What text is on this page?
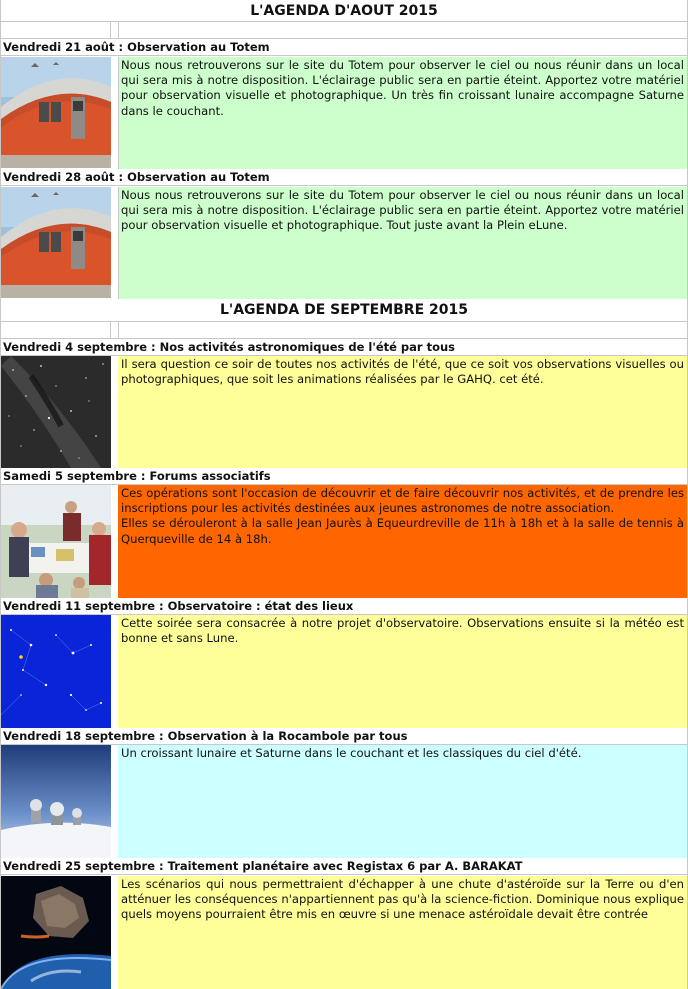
L'AGENDA D'AOUT 2015
Vendredi 21 août : Observation au Totem

Nous nous retrouverons sur le site du Totem pour observer le ciel ou nous réunir dans un local qui sera mis à notre disposition. L'éclairage public sera en partie éteint. Apportez votre matériel pour observation visuelle et photographique. Un très fin croissant lunaire accompagne Saturne dans le couchant.

Vendredi 28 août : Observation au Totem

Nous nous retrouverons sur le site du Totem pour observer le ciel ou nous réunir dans un local qui sera mis à notre disposition. L'éclairage public sera en partie éteint. Apportez votre matériel pour observation visuelle et photographique. Tout juste avant la Plein eLune.

L'AGENDA DE SEPTEMBRE 2015
Vendredi 4 septembre : Nos activités astronomiques de l'été par tous

Il sera question ce soir de toutes nos activités de l'été, que ce soit vos observations visuelles ou photographiques, que soit les animations réalisées par le GAHQ. cet été.

Samedi 5 septembre : Forums associatifs

Ces opérations sont l'occasion de découvrir et de faire découvrir nos activités, et de prendre les inscriptions pour les activités destinées aux jeunes astronomes de notre association.

Elles se dérouleront à la salle Jean Jaurès à Equeurdreville de 11h à 18h et à la salle de tennis à Querqueville de 14 à 18h.

Vendredi 11 septembre : Observatoire : état des lieux

Cette soirée sera consacrée à notre projet d'observatoire. Observations ensuite si la météo est bonne et sans Lune.

Vendredi 18 septembre : Observation à la Rocambole par tous

Un croissant lunaire et Saturne dans le couchant et les classiques du ciel d'été.

Vendredi 25 septembre : Traitement planétaire avec Registax 6 par A. BARAKAT

Les scénarios qui nous permettraient d'échapper à une chute d'astéroïde sur la Terre ou d'en atténuer les conséquences n'appartiennent pas qu'à la science-fiction. Dominique nous explique quels moyens pourraient être mis en œuvre si une menace astéroïdale devait être contrée
